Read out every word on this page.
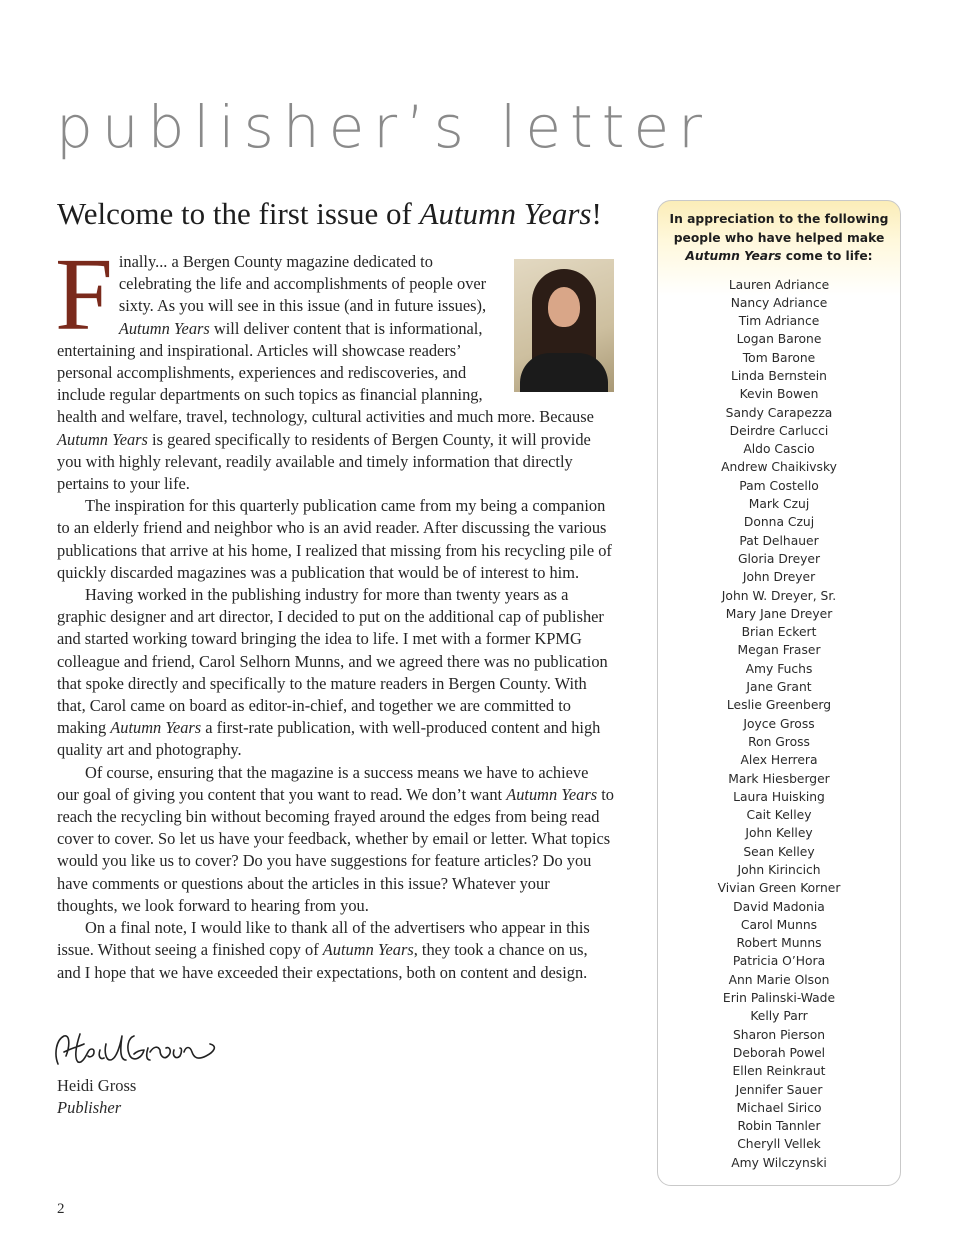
publisher’s letter
Welcome to the first issue of Autumn Years!

Finally... a Bergen County magazine dedicated to celebrating the life and accomplishments of people over sixty. As you will see in this issue (and in future issues), Autumn Years will deliver content that is informational, entertaining and inspirational. Articles will showcase readers’ personal accomplishments, experiences and rediscoveries, and include regular departments on such topics as financial planning, health and welfare, travel, technology, cultural activities and much more. Because Autumn Years is geared specifically to residents of Bergen County, it will provide you with highly relevant, readily available and timely information that directly pertains to your life.

The inspiration for this quarterly publication came from my being a companion to an elderly friend and neighbor who is an avid reader. After discussing the various publications that arrive at his home, I realized that missing from his recycling pile of quickly discarded magazines was a publication that would be of interest to him.

Having worked in the publishing industry for more than twenty years as a graphic designer and art director, I decided to put on the additional cap of publisher and started working toward bringing the idea to life. I met with a former KPMG colleague and friend, Carol Selhorn Munns, and we agreed there was no publication that spoke directly and specifically to the mature readers in Bergen County. With that, Carol came on board as editor-in-chief, and together we are committed to making Autumn Years a first-rate publication, with well-produced content and high quality art and photography.

Of course, ensuring that the magazine is a success means we have to achieve our goal of giving you content that you want to read. We don’t want Autumn Years to reach the recycling bin without becoming frayed around the edges from being read cover to cover. So let us have your feedback, whether by email or letter. What topics would you like us to cover? Do you have suggestions for feature articles? Do you have comments or questions about the articles in this issue? Whatever your thoughts, we look forward to hearing from you.

On a final note, I would like to thank all of the advertisers who appear in this issue. Without seeing a finished copy of Autumn Years, they took a chance on us, and I hope that we have exceeded their expectations, both on content and design.

Heidi Gross
Publisher
2
In appreciation to the following
people who have helped make
Autumn Years come to life:
Lauren Adriance
Nancy Adriance
Tim Adriance
Logan Barone
Tom Barone
Linda Bernstein
Kevin Bowen
Sandy Carapezza
Deirdre Carlucci
Aldo Cascio
Andrew Chaikivsky
Pam Costello
Mark Czuj
Donna Czuj
Pat Delhauer
Gloria Dreyer
John Dreyer
John W. Dreyer, Sr.
Mary Jane Dreyer
Brian Eckert
Megan Fraser
Amy Fuchs
Jane Grant
Leslie Greenberg
Joyce Gross
Ron Gross
Alex Herrera
Mark Hiesberger
Laura Huisking
Cait Kelley
John Kelley
Sean Kelley
John Kirincich
Vivian Green Korner
David Madonia
Carol Munns
Robert Munns
Patricia O’Hora
Ann Marie Olson
Erin Palinski-Wade
Kelly Parr
Sharon Pierson
Deborah Powel
Ellen Reinkraut
Jennifer Sauer
Michael Sirico
Robin Tannler
Cheryll Vellek
Amy Wilczynski
